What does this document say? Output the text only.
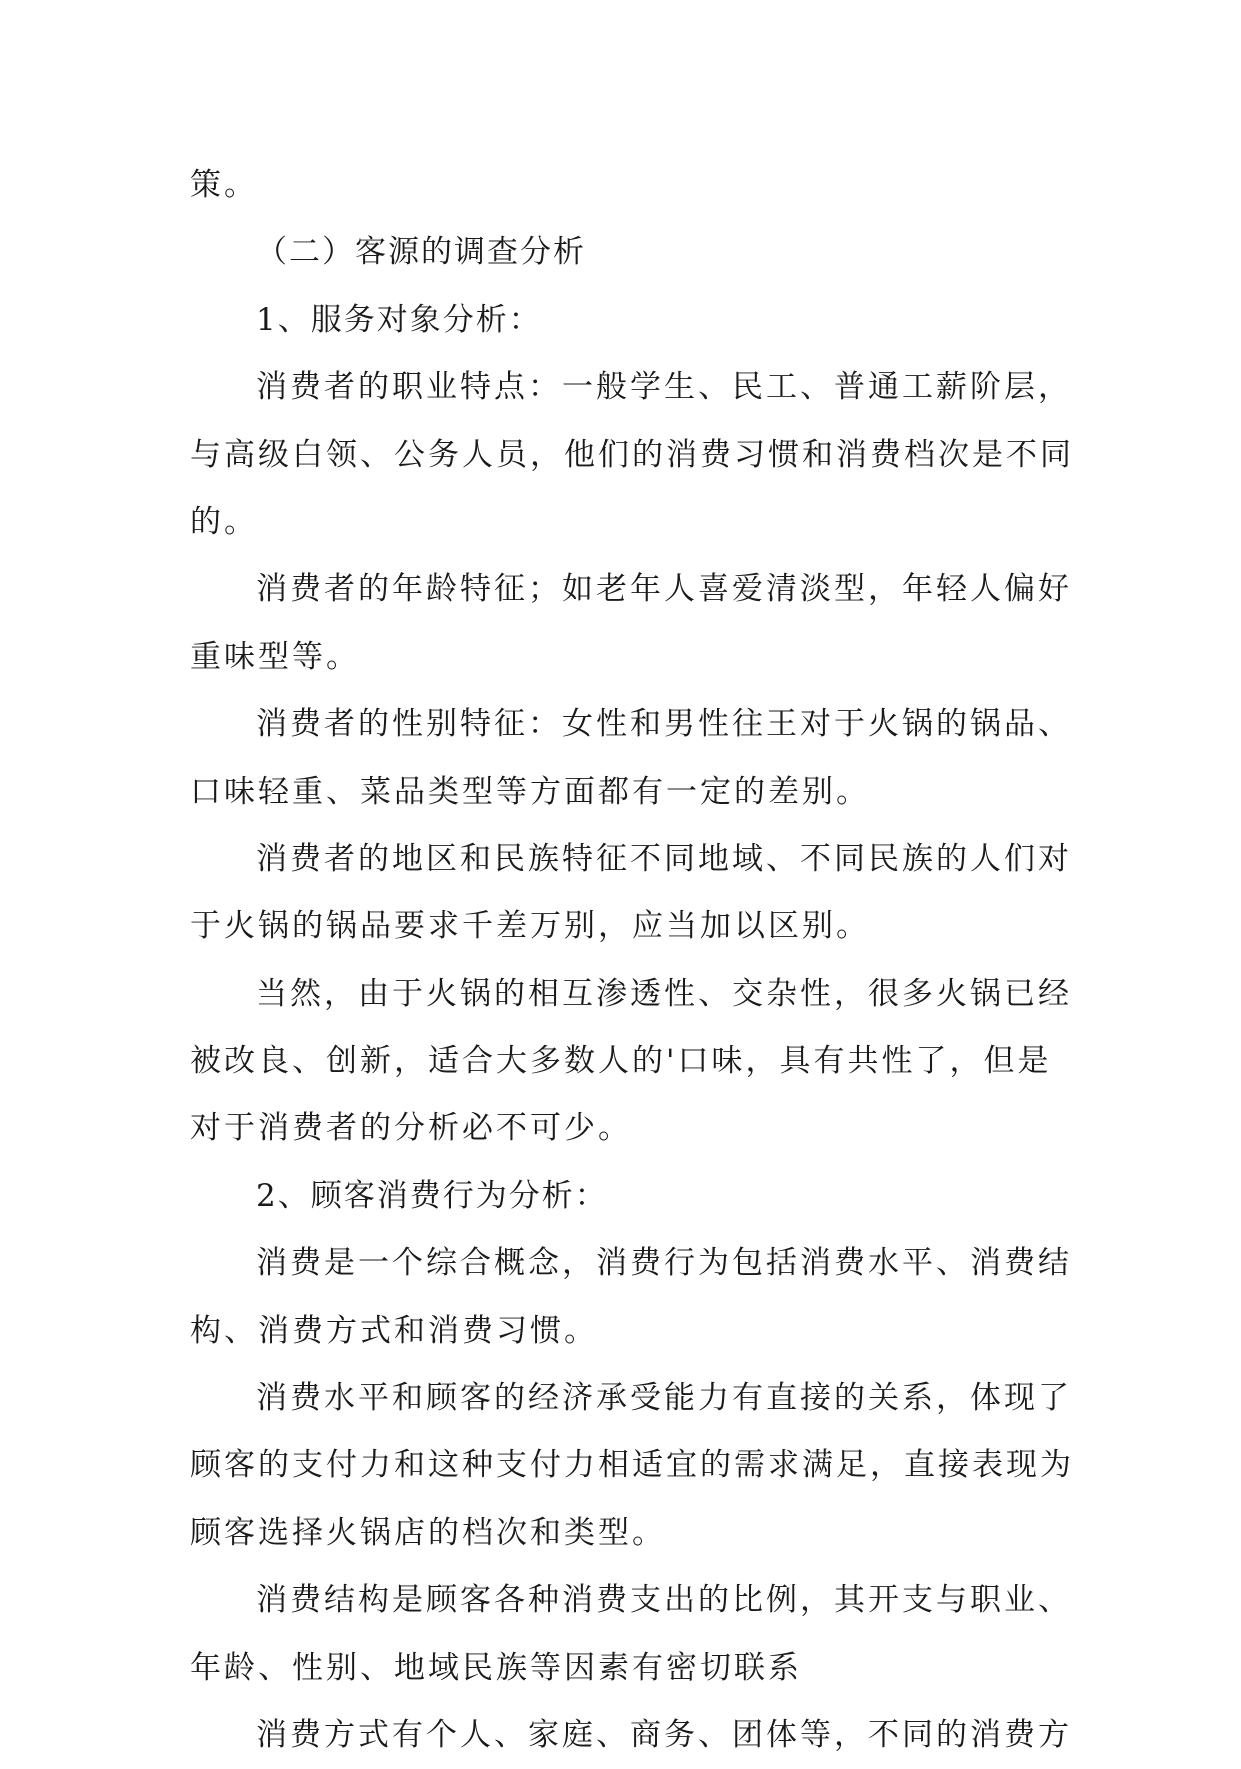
策。
（二）客源的调查分析
1、服务对象分析：
消费者的职业特点：一般学生、民工、普通工薪阶层，
与高级白领、公务人员，他们的消费习惯和消费档次是不同
的。
消费者的年龄特征；如老年人喜爱清淡型，年轻人偏好
重味型等。
消费者的性别特征：女性和男性往王对于火锅的锅品、
口味轻重、菜品类型等方面都有一定的差别。
消费者的地区和民族特征不同地域、不同民族的人们对
于火锅的锅品要求千差万别，应当加以区别。
当然，由于火锅的相互渗透性、交杂性，很多火锅已经
被改良、创新，适合大多数人的'口味，具有共性了，但是
对于消费者的分析必不可少。
2、顾客消费行为分析：
消费是一个综合概念，消费行为包括消费水平、消费结
构、消费方式和消费习惯。
消费水平和顾客的经济承受能力有直接的关系，体现了
顾客的支付力和这种支付力相适宜的需求满足，直接表现为
顾客选择火锅店的档次和类型。
消费结构是顾客各种消费支出的比例，其开支与职业、
年龄、性别、地域民族等因素有密切联系
消费方式有个人、家庭、商务、团体等，不同的消费方
